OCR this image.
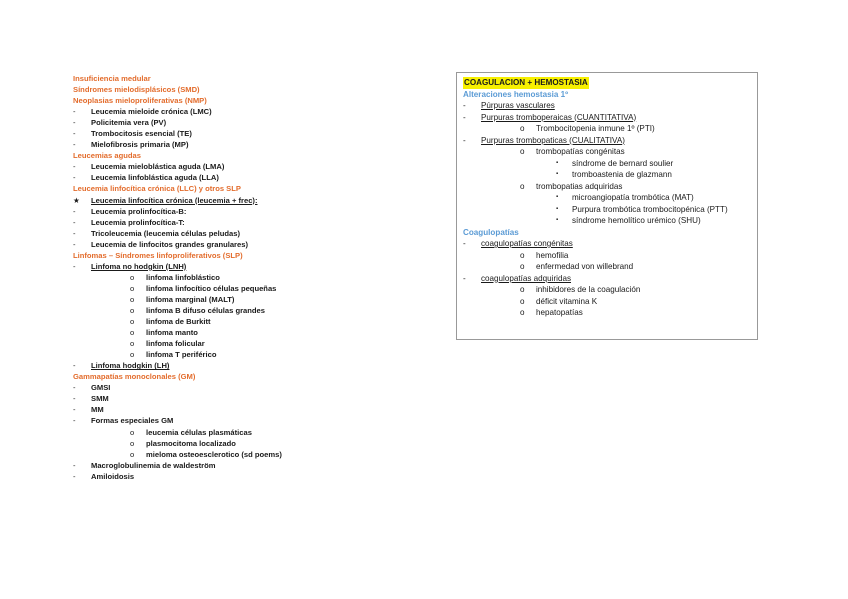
Insuficiencia medular
Síndromes mielodisplásicos (SMD)
Neoplasias mieloproliferativas (NMP)
- Leucemia mieloide crónica (LMC)
- Policitemia vera (PV)
- Trombocitosis esencial (TE)
- Mielofibrosis primaria (MP)
Leucemias agudas
- Leucemia mieloblástica aguda (LMA)
- Leucemia linfoblástica aguda (LLA)
Leucemia linfocítica crónica (LLC) y otros SLP
★ Leucemia linfocítica crónica (leucemia + frec):
- Leucemia prolinfocítica-B:
- Leucemia prolinfocítica-T:
- Tricoleucemia (leucemia células peludas)
- Leucemia de linfocitos grandes granulares)
Linfomas – Síndromes linfoproliferativos (SLP)
- Linfoma no hodgkin (LNH)
o linfoma linfoblástico
o linfoma linfocítico células pequeñas
o linfoma marginal (MALT)
o linfoma B difuso células grandes
o linfoma de Burkitt
o linfoma manto
o linfoma folicular
o linfoma T periférico
- Linfoma hodgkin (LH)
Gammapatías monoclonales (GM)
- GMSI
- SMM
- MM
- Formas especiales GM
o leucemia células plasmáticas
o plasmocitoma localizado
o mieloma osteoesclerotico (sd poems)
- Macroglobulinemia de waldeström
- Amiloidosis
COAGULACION + HEMOSTASIA
Alteraciones hemostasia 1º
- Púrpuras vasculares
- Purpuras tromboperaicas (CUANTITATIVA)
o Trombocitopenia inmune 1º (PTI)
- Purpuras trombopaticas (CUALITATIVA)
o trombopatías congénitas
▪ síndrome de bernard soulier
▪ tromboastenia de glazmann
o trombopatias adquiridas
▪ microangiopatía trombótica (MAT)
▪ Purpura trombótica trombocitopénica (PTT)
▪ síndrome hemolítico urémico (SHU)
Coagulopatías
- coagulopatías congénitas
o hemofilia
o enfermedad von willebrand
- coagulopatías adquiridas
o inhibidores de la coagulación
o déficit vitamina K
o hepatopatías
